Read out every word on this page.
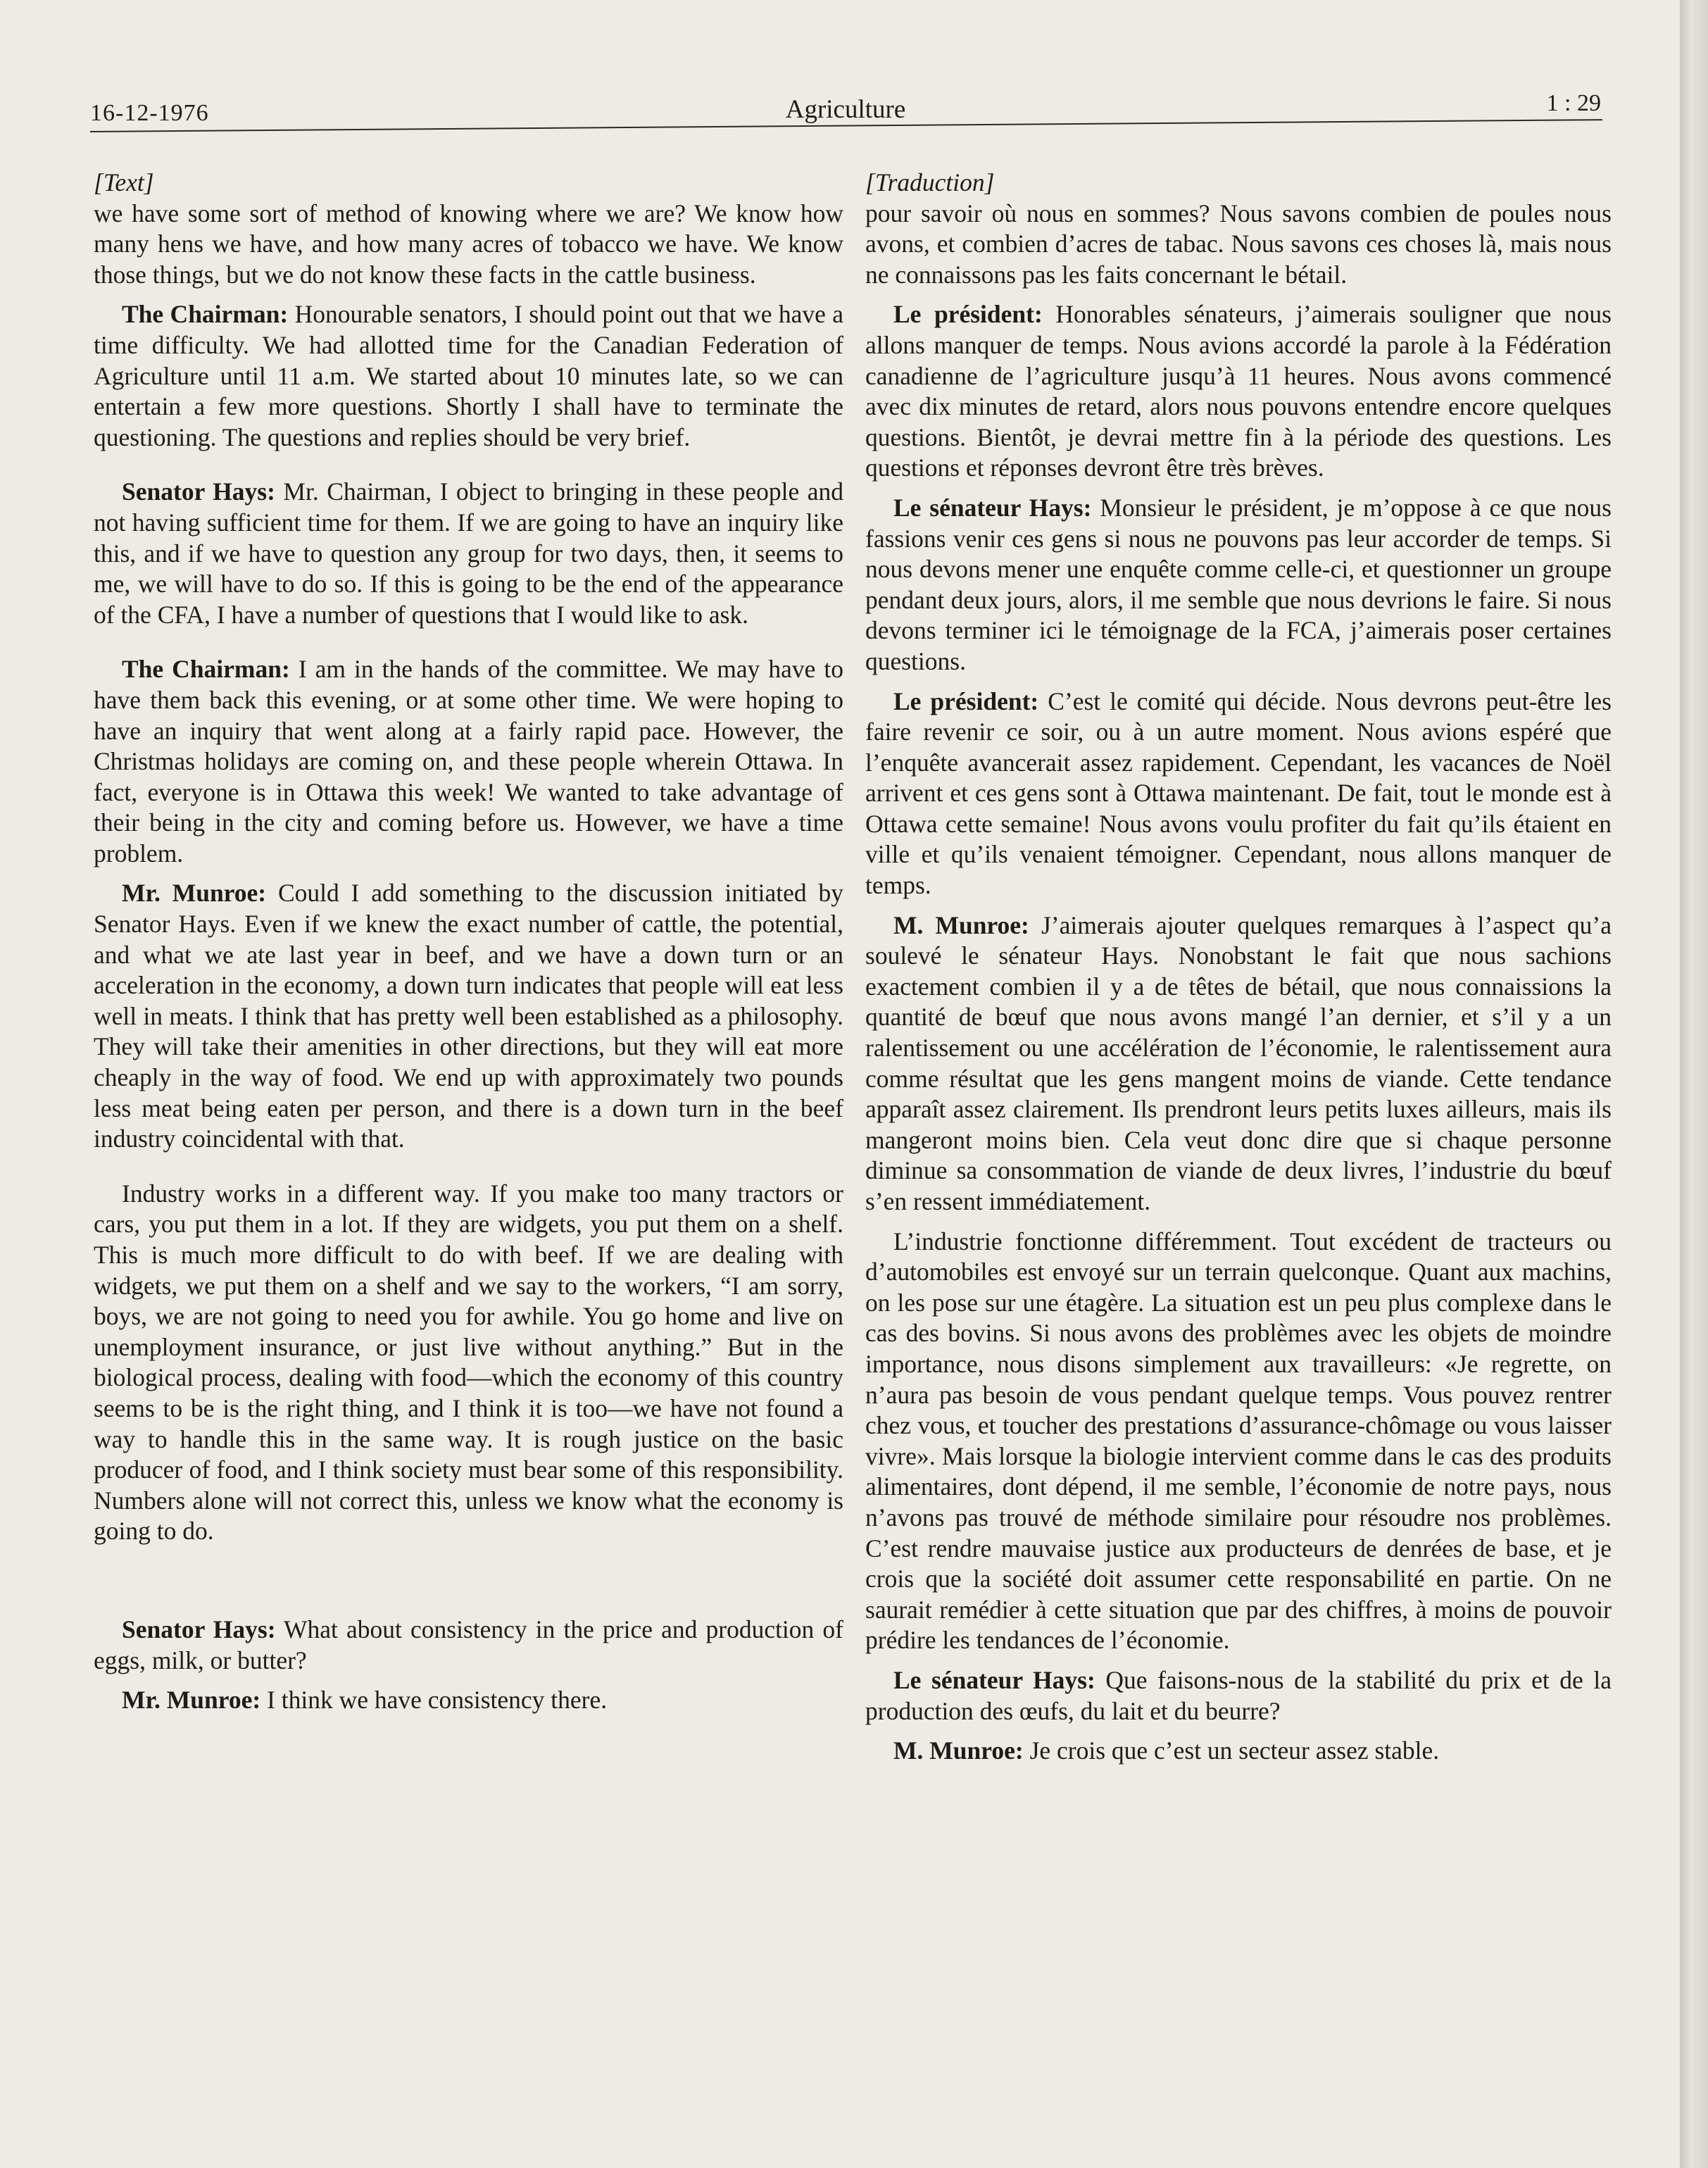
16-12-1976	Agriculture	1 : 29
[Text]

we have some sort of method of knowing where we are? We know how many hens we have, and how many acres of tobacco we have. We know those things, but we do not know these facts in the cattle business.

The Chairman: Honourable senators, I should point out that we have a time difficulty. We had allotted time for the Canadian Federation of Agriculture until 11 a.m. We started about 10 minutes late, so we can entertain a few more questions. Shortly I shall have to terminate the questioning. The questions and replies should be very brief.

Senator Hays: Mr. Chairman, I object to bringing in these people and not having sufficient time for them. If we are going to have an inquiry like this, and if we have to question any group for two days, then, it seems to me, we will have to do so. If this is going to be the end of the appearance of the CFA, I have a number of questions that I would like to ask.

The Chairman: I am in the hands of the committee. We may have to have them back this evening, or at some other time. We were hoping to have an inquiry that went along at a fairly rapid pace. However, the Christmas holidays are coming on, and these people wherein Ottawa. In fact, everyone is in Ottawa this week! We wanted to take advantage of their being in the city and coming before us. However, we have a time problem.

Mr. Munroe: Could I add something to the discussion initiated by Senator Hays. Even if we knew the exact number of cattle, the potential, and what we ate last year in beef, and we have a down turn or an acceleration in the economy, a down turn indicates that people will eat less well in meats. I think that has pretty well been established as a philosophy. They will take their amenities in other directions, but they will eat more cheaply in the way of food. We end up with approximately two pounds less meat being eaten per person, and there is a down turn in the beef industry coincidental with that.

Industry works in a different way. If you make too many tractors or cars, you put them in a lot. If they are widgets, you put them on a shelf. This is much more difficult to do with beef. If we are dealing with widgets, we put them on a shelf and we say to the workers, “I am sorry, boys, we are not going to need you for awhile. You go home and live on unemployment insurance, or just live without anything.” But in the biological process, dealing with food—which the economy of this country seems to be is the right thing, and I think it is too—we have not found a way to handle this in the same way. It is rough justice on the basic producer of food, and I think society must bear some of this responsibility. Numbers alone will not correct this, unless we know what the economy is going to do.

Senator Hays: What about consistency in the price and production of eggs, milk, or butter?

Mr. Munroe: I think we have consistency there.

[Traduction]

pour savoir où nous en sommes? Nous savons combien de poules nous avons, et combien d’acres de tabac. Nous savons ces choses là, mais nous ne connaissons pas les faits concernant le bétail.

Le président: Honorables sénateurs, j’aimerais souligner que nous allons manquer de temps. Nous avions accordé la parole à la Fédération canadienne de l’agriculture jusqu’à 11 heures. Nous avons commencé avec dix minutes de retard, alors nous pouvons entendre encore quelques questions. Bientôt, je devrai mettre fin à la période des questions. Les questions et réponses devront être très brèves.

Le sénateur Hays: Monsieur le président, je m’oppose à ce que nous fassions venir ces gens si nous ne pouvons pas leur accorder de temps. Si nous devons mener une enquête comme celle-ci, et questionner un groupe pendant deux jours, alors, il me semble que nous devrions le faire. Si nous devons terminer ici le témoignage de la FCA, j’aimerais poser certaines questions.

Le président: C’est le comité qui décide. Nous devrons peut-être les faire revenir ce soir, ou à un autre moment. Nous avions espéré que l’enquête avancerait assez rapidement. Cependant, les vacances de Noël arrivent et ces gens sont à Ottawa maintenant. De fait, tout le monde est à Ottawa cette semaine! Nous avons voulu profiter du fait qu’ils étaient en ville et qu’ils venaient témoigner. Cependant, nous allons manquer de temps.

M. Munroe: J’aimerais ajouter quelques remarques à l’aspect qu’a soulevé le sénateur Hays. Nonobstant le fait que nous sachions exactement combien il y a de têtes de bétail, que nous connaissions la quantité de bœuf que nous avons mangé l’an dernier, et s’il y a un ralentissement ou une accélération de l’économie, le ralentissement aura comme résultat que les gens mangent moins de viande. Cette tendance apparaît assez clairement. Ils prendront leurs petits luxes ailleurs, mais ils mangeront moins bien. Cela veut donc dire que si chaque personne diminue sa consommation de viande de deux livres, l’industrie du bœuf s’en ressent immédiatement.

L’industrie fonctionne différemment. Tout excédent de tracteurs ou d’automobiles est envoyé sur un terrain quelconque. Quant aux machins, on les pose sur une étagère. La situation est un peu plus complexe dans le cas des bovins. Si nous avons des problèmes avec les objets de moindre importance, nous disons simplement aux travailleurs: «Je regrette, on n’aura pas besoin de vous pendant quelque temps. Vous pouvez rentrer chez vous, et toucher des prestations d’assurance-chômage ou vous laisser vivre». Mais lorsque la biologie intervient comme dans le cas des produits alimentaires, dont dépend, il me semble, l’économie de notre pays, nous n’avons pas trouvé de méthode similaire pour résoudre nos problèmes. C’est rendre mauvaise justice aux producteurs de denrées de base, et je crois que la société doit assumer cette responsabilité en partie. On ne saurait remédier à cette situation que par des chiffres, à moins de pouvoir prédire les tendances de l’économie.

Le sénateur Hays: Que faisons-nous de la stabilité du prix et de la production des œufs, du lait et du beurre?

M. Munroe: Je crois que c’est un secteur assez stable.
